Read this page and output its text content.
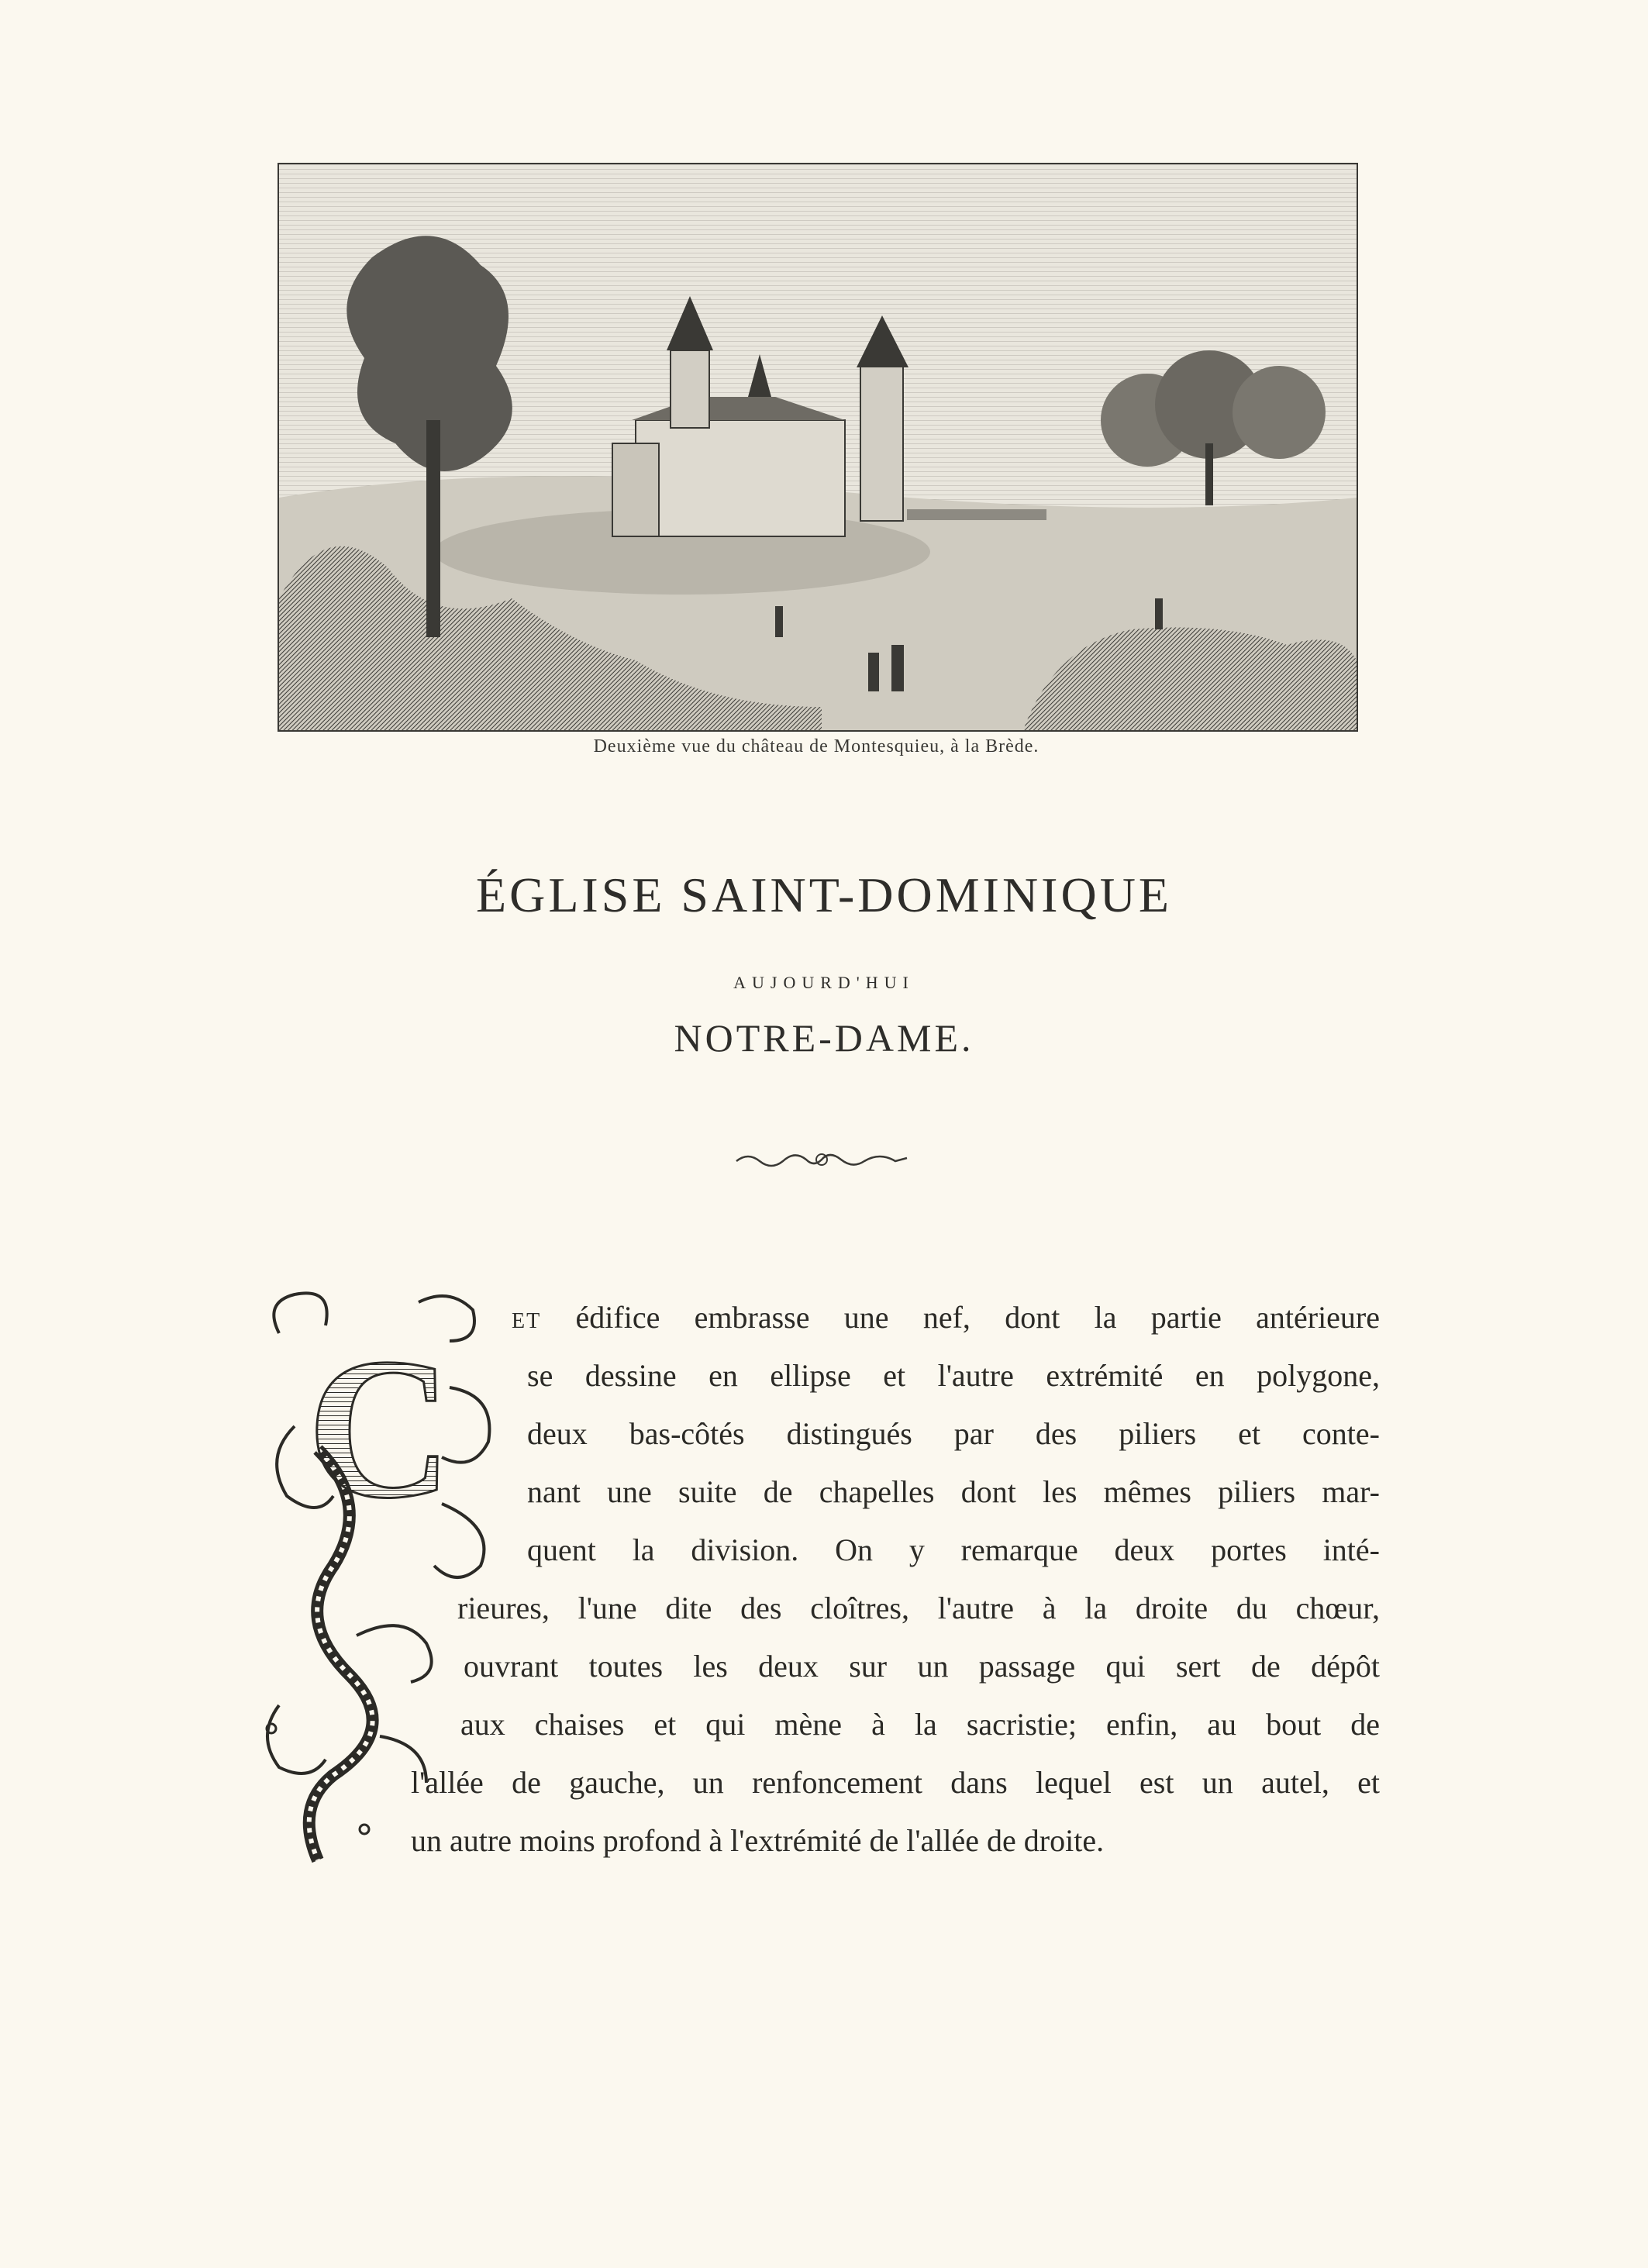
Deuxième vue du château de Montesquieu, à la Brède.
ÉGLISE SAINT-DOMINIQUE
AUJOURD'HUI
NOTRE-DAME.
C et édifice embrasse une nef, dont la partie antérieure
se dessine en ellipse et l'autre extrémité en polygone,
deux bas-côtés distingués par des piliers et conte-
nant une suite de chapelles dont les mêmes piliers mar-
quent la division. On y remarque deux portes inté-
rieures, l'une dite des cloîtres, l'autre à la droite du chœur,
ouvrant toutes les deux sur un passage qui sert de dépôt
aux chaises et qui mène à la sacristie; enfin, au bout de
l'allée de gauche, un renfoncement dans lequel est un autel, et
un autre moins profond à l'extrémité de l'allée de droite.
